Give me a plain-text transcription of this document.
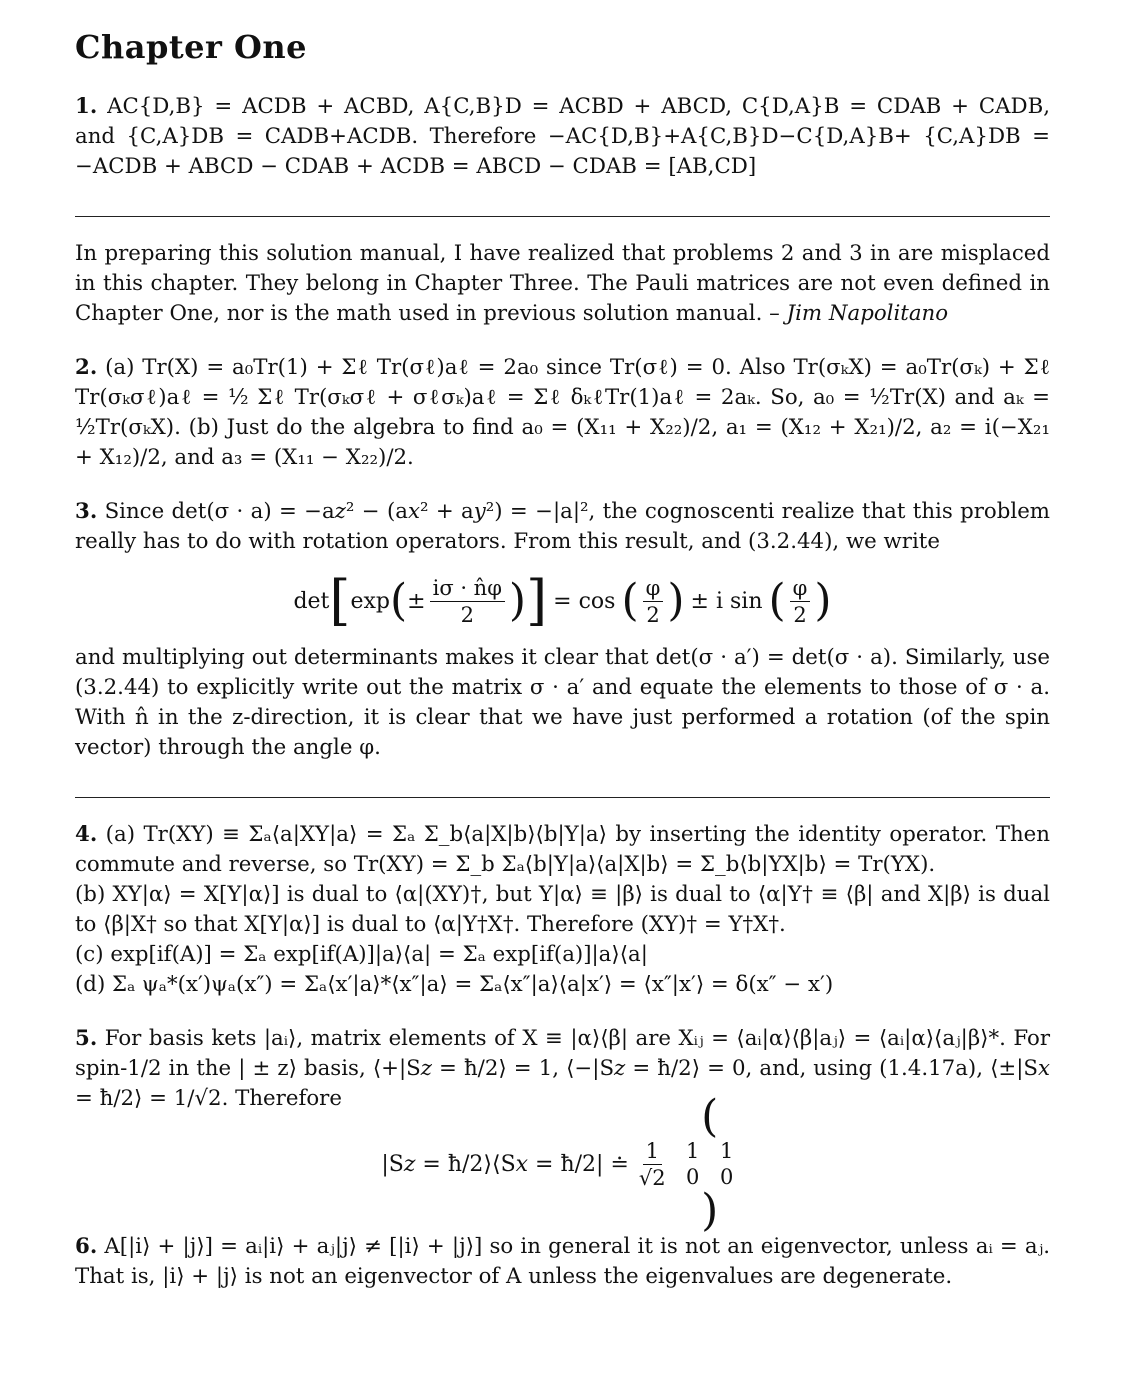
Chapter One

1. AC{D,B} = ACDB + ACBD, A{C,B}D = ACBD + ABCD, C{D,A}B = CDAB + CADB, and {C,A}DB = CADB+ACDB. Therefore −AC{D,B}+A{C,B}D−C{D,A}B+ {C,A}DB = −ACDB + ABCD − CDAB + ACDB = ABCD − CDAB = [AB,CD]

In preparing this solution manual, I have realized that problems 2 and 3 in are misplaced in this chapter. They belong in Chapter Three. The Pauli matrices are not even defined in Chapter One, nor is the math used in previous solution manual. – Jim Napolitano

2. (a) Tr(X) = a₀Tr(1) + Σℓ Tr(σℓ)aℓ = 2a₀ since Tr(σℓ) = 0. Also Tr(σₖX) = a₀Tr(σₖ) + Σℓ Tr(σₖσℓ)aℓ = ½ Σℓ Tr(σₖσℓ + σℓσₖ)aℓ = Σℓ δₖℓTr(1)aℓ = 2aₖ. So, a₀ = ½Tr(X) and aₖ = ½Tr(σₖX). (b) Just do the algebra to find a₀ = (X₁₁ + X₂₂)/2, a₁ = (X₁₂ + X₂₁)/2, a₂ = i(−X₂₁ + X₁₂)/2, and a₃ = (X₁₁ − X₂₂)/2.

3. Since det(σ · a) = −a𝑧² − (a𝑥² + a𝑦²) = −|a|², the cognoscenti realize that this problem really has to do with rotation operators. From this result, and (3.2.44), we write

det [ exp ( ± $\frac{i\sigma \cdot n̂\varphi}{2}$ ) ] = cos ( $\frac{\varphi}{2}$ ) ± i sin ( $\frac{\varphi}{2}$ )

and multiplying out determinants makes it clear that det(σ · a′) = det(σ · a). Similarly, use (3.2.44) to explicitly write out the matrix σ · a′ and equate the elements to those of σ · a. With n̂ in the z-direction, it is clear that we have just performed a rotation (of the spin vector) through the angle φ.

4. (a) Tr(XY) ≡ Σₐ⟨a|XY|a⟩ = Σₐ Σ_b⟨a|X|b⟩⟨b|Y|a⟩ by inserting the identity operator. Then commute and reverse, so Tr(XY) = Σ_b Σₐ⟨b|Y|a⟩⟨a|X|b⟩ = Σ_b⟨b|YX|b⟩ = Tr(YX).

(b) XY|α⟩ = X[Y|α⟩] is dual to ⟨α|(XY)†, but Y|α⟩ ≡ |β⟩ is dual to ⟨α|Y† ≡ ⟨β| and X|β⟩ is dual to ⟨β|X† so that X[Y|α⟩] is dual to ⟨α|Y†X†. Therefore (XY)† = Y†X†.

(c) exp[if(A)] = Σₐ exp[if(A)]|a⟩⟨a| = Σₐ exp[if(a)]|a⟩⟨a|

(d) Σₐ ψₐ*(x′)ψₐ(x″) = Σₐ⟨x′|a⟩*⟨x″|a⟩ = Σₐ⟨x″|a⟩⟨a|x′⟩ = ⟨x″|x′⟩ = δ(x″ − x′)

5. For basis kets |aᵢ⟩, matrix elements of X ≡ |α⟩⟨β| are Xᵢⱼ = ⟨aᵢ|α⟩⟨β|aⱼ⟩ = ⟨aᵢ|α⟩⟨aⱼ|β⟩*. For spin-1/2 in the | ± z⟩ basis, ⟨+|S𝑧 = ħ/2⟩ = 1, ⟨−|S𝑧 = ħ/2⟩ = 0, and, using (1.4.17a), ⟨±|S𝑥 = ħ/2⟩ = 1/√2. Therefore

|S𝑧 = ħ/2⟩⟨S𝑥 = ħ/2| ≐ $\frac{1}{√2}$
(
1 1
0 0
)

6. A[|i⟩ + |j⟩] = aᵢ|i⟩ + aⱼ|j⟩ ≠ [|i⟩ + |j⟩] so in general it is not an eigenvector, unless aᵢ = aⱼ. That is, |i⟩ + |j⟩ is not an eigenvector of A unless the eigenvalues are degenerate.
